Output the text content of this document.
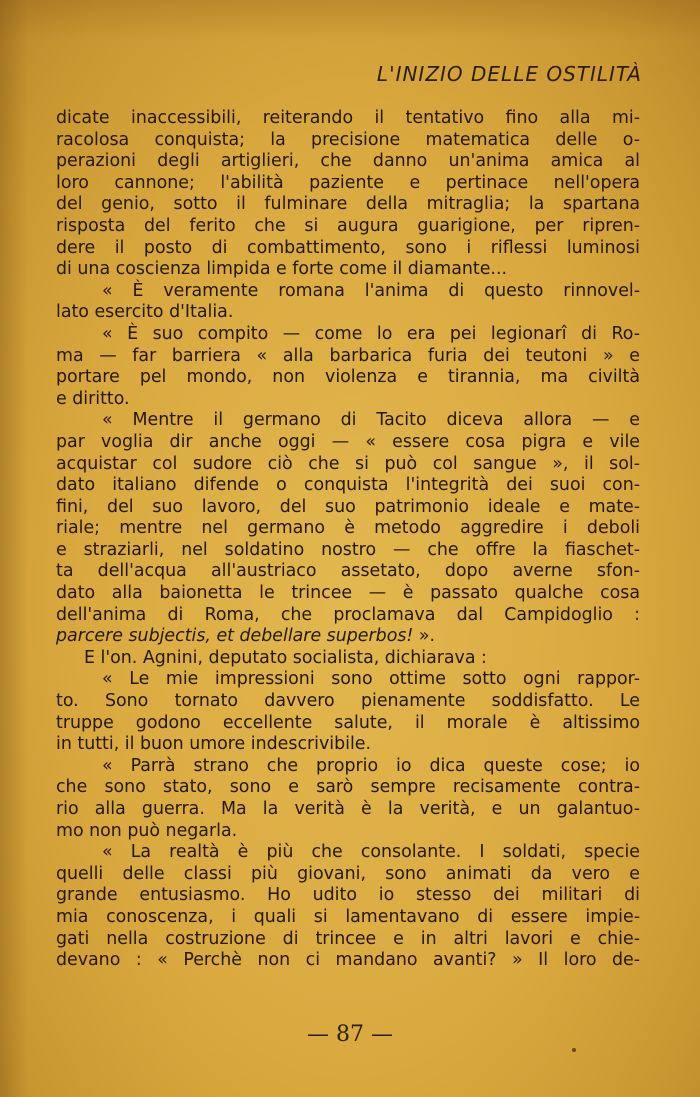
L'INIZIO DELLE OSTILITÀ
dicate inaccessibili, reiterando il tentativo fino alla mi-
racolosa conquista; la precisione matematica delle o-
perazioni degli artiglieri, che danno un'anima amica al
loro cannone; l'abilità paziente e pertinace nell'opera
del genio, sotto il fulminare della mitraglia; la spartana
risposta del ferito che si augura guarigione, per ripren-
dere il posto di combattimento, sono i riflessi luminosi
di una coscienza limpida e forte come il diamante...
« È veramente romana l'anima di questo rinnovel-
lato esercito d'Italia.
« È suo compito — come lo era pei legionarî di Ro-
ma — far barriera « alla barbarica furia dei teutoni » e
portare pel mondo, non violenza e tirannia, ma civiltà
e diritto.
« Mentre il germano di Tacito diceva allora — e
par voglia dir anche oggi — « essere cosa pigra e vile
acquistar col sudore ciò che si può col sangue », il sol-
dato italiano difende o conquista l'integrità dei suoi con-
fini, del suo lavoro, del suo patrimonio ideale e mate-
riale; mentre nel germano è metodo aggredire i deboli
e straziarli, nel soldatino nostro — che offre la fiaschet-
ta dell'acqua all'austriaco assetato, dopo averne sfon-
dato alla baionetta le trincee — è passato qualche cosa
dell'anima di Roma, che proclamava dal Campidoglio :
parcere subjectis, et debellare superbos! ».
E l'on. Agnini, deputato socialista, dichiarava :
« Le mie impressioni sono ottime sotto ogni rappor-
to. Sono tornato davvero pienamente soddisfatto. Le
truppe godono eccellente salute, il morale è altissimo
in tutti, il buon umore indescrivibile.
« Parrà strano che proprio io dica queste cose; io
che sono stato, sono e sarò sempre recisamente contra-
rio alla guerra. Ma la verità è la verità, e un galantuo-
mo non può negarla.
« La realtà è più che consolante. I soldati, specie
quelli delle classi più giovani, sono animati da vero e
grande entusiasmo. Ho udito io stesso dei militari di
mia conoscenza, i quali si lamentavano di essere impie-
gati nella costruzione di trincee e in altri lavori e chie-
devano : « Perchè non ci mandano avanti? » Il loro de-
— 87 —
